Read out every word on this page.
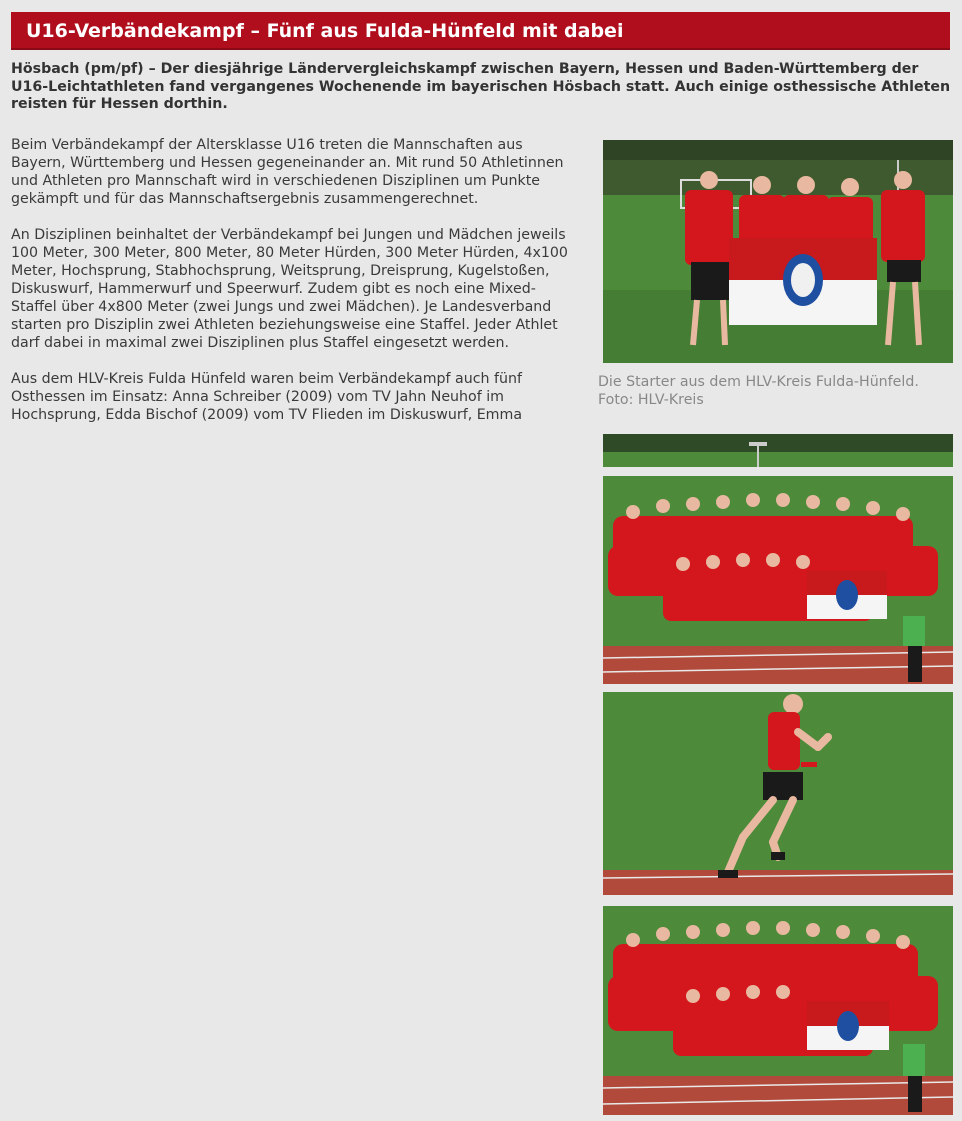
U16-Verbändekampf – Fünf aus Fulda-Hünfeld mit dabei

Hösbach (pm/pf) – Der diesjährige Ländervergleichskampf zwischen Bayern, Hessen und Baden-Württemberg der U16-Leichtathleten fand vergangenes Wochenende im bayerischen Hösbach statt. Auch einige osthessische Athleten reisten für Hessen dorthin.

Beim Verbändekampf der Altersklasse U16 treten die Mannschaften aus Bayern, Württemberg und Hessen gegeneinander an. Mit rund 50 Athletinnen und Athleten pro Mannschaft wird in verschiedenen Disziplinen um Punkte gekämpft und für das Mannschaftsergebnis zusammengerechnet.

An Disziplinen beinhaltet der Verbändekampf bei Jungen und Mädchen jeweils 100 Meter, 300 Meter, 800 Meter, 80 Meter Hürden, 300 Meter Hürden, 4x100 Meter, Hochsprung, Stabhochsprung, Weitsprung, Dreisprung, Kugelstoßen, Diskuswurf, Hammerwurf und Speerwurf. Zudem gibt es noch eine Mixed-Staffel über 4x800 Meter (zwei Jungs und zwei Mädchen). Je Landesverband starten pro Disziplin zwei Athleten beziehungsweise eine Staffel. Jeder Athlet darf dabei in maximal zwei Disziplinen plus Staffel eingesetzt werden.

Aus dem HLV-Kreis Fulda Hünfeld waren beim Verbändekampf auch fünf Osthessen im Einsatz: Anna Schreiber (2009) vom TV Jahn Neuhof im Hochsprung, Edda Bischof (2009) vom TV Flieden im Diskuswurf, Emma

Die Starter aus dem HLV-Kreis Fulda-Hünfeld. Foto: HLV-Kreis
